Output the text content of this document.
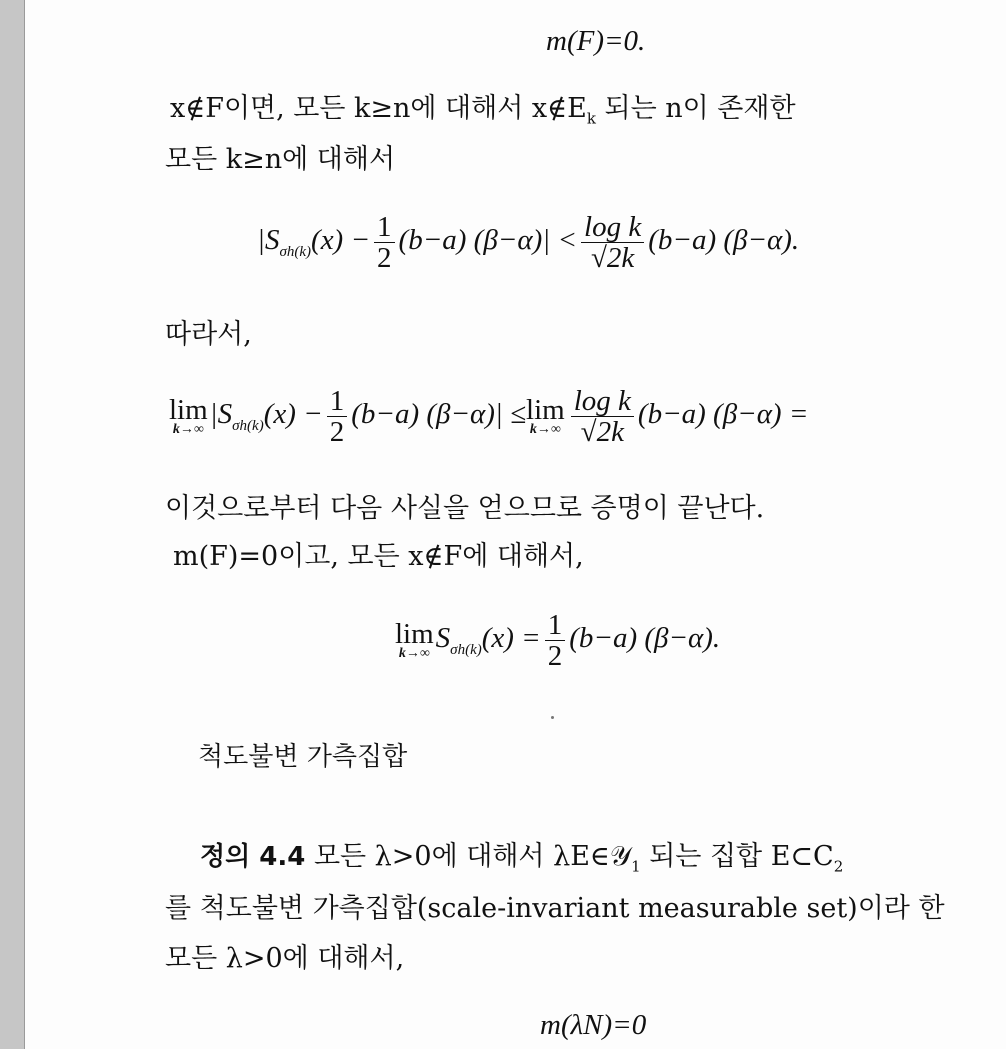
m(F)=0.
x∉F이면, 모든 k≥n에 대해서 $x\notin E_k$ 되는 n이 존재한
모든 k≥n에 대해서
$|S_{\sigma h(k)}(x) - \frac{1}{2} (b-a) (\beta-\alpha)| < \frac{\text{log k}}{√2k} (b-a)$ (β−α).
따라서,
lim
k→∞ $|S_{\sigma h(k)}(x) - \frac{1}{2} (b-a) (\beta-\alpha)| \le \lim$
$k\to\infty \frac{\text{log k}}{√2k} (b-a) (\beta-\alpha)$ =
이것으로부터 다음 사실을 얻으므로 증명이 끝난다.
m(F)=0이고, 모든 x∉F에 대해서,
lim
k→∞ $S_{\sigma h(k)}(x) = \frac{1}{2} (b-a)$ (β−α).
척도불변 가측집합
정의 4.4 모든 λ>0에 대해서 λE∈𝒴$_1$ 되는 집합 $E\subset C_2$
를 척도불변 가측집합(scale-invariant measurable set)이라 한
모든 λ>0에 대해서,
m(λN)=0
